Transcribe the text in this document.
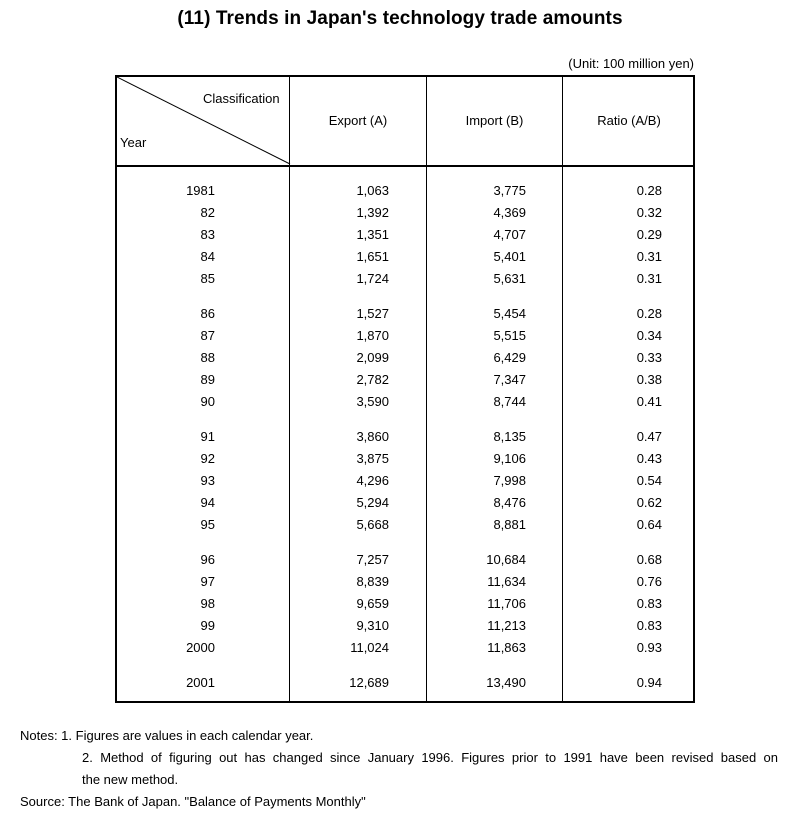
(11) Trends in Japan's technology trade amounts
(Unit: 100 million yen)
Classification
Year
Export (A)	Import (B)	Ratio (A/B)
1981	1,063	3,775	0.28
82	1,392	4,369	0.32
83	1,351	4,707	0.29
84	1,651	5,401	0.31
85	1,724	5,631	0.31
86	1,527	5,454	0.28
87	1,870	5,515	0.34
88	2,099	6,429	0.33
89	2,782	7,347	0.38
90	3,590	8,744	0.41
91	3,860	8,135	0.47
92	3,875	9,106	0.43
93	4,296	7,998	0.54
94	5,294	8,476	0.62
95	5,668	8,881	0.64
96	7,257	10,684	0.68
97	8,839	11,634	0.76
98	9,659	11,706	0.83
99	9,310	11,213	0.83
2000	11,024	11,863	0.93
2001	12,689	13,490	0.94
Notes: 1. Figures are values in each calendar year.
2. Method of figuring out has changed since January 1996. Figures prior to 1991 have been revised based on
the new method.
Source: The Bank of Japan. "Balance of Payments Monthly"
